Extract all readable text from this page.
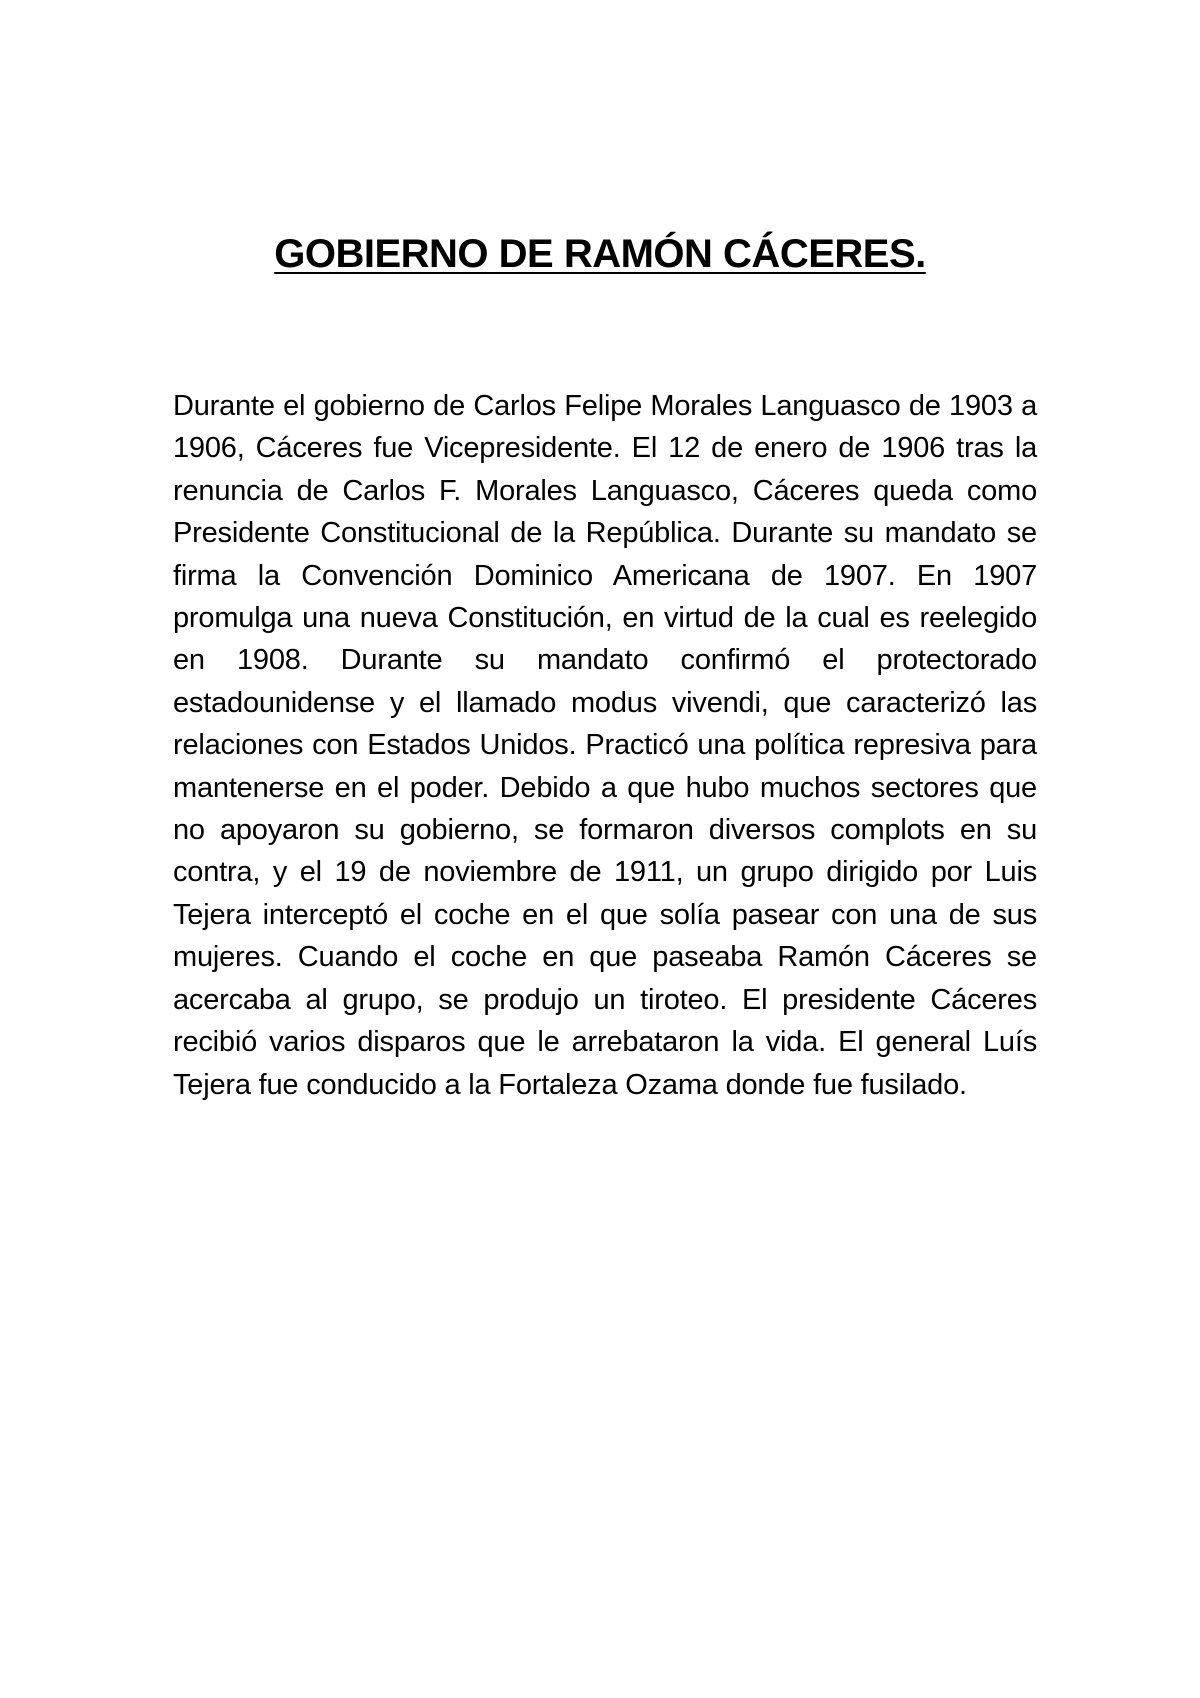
GOBIERNO DE RAMÓN CÁCERES.

Durante el gobierno de Carlos Felipe Morales Languasco de 1903 a 1906, Cáceres fue Vicepresidente. El 12 de enero de 1906 tras la renuncia de Carlos F. Morales Languasco, Cáceres queda como Presidente Constitucional de la República. Durante su mandato se firma la Convención Dominico Americana de 1907. En 1907 promulga una nueva Constitución, en virtud de la cual es reelegido en 1908. Durante su mandato confirmó el protectorado estadounidense y el llamado modus vivendi, que caracterizó las relaciones con Estados Unidos. Practicó una política represiva para mantenerse en el poder. Debido a que hubo muchos sectores que no apoyaron su gobierno, se formaron diversos complots en su contra, y el 19 de noviembre de 1911, un grupo dirigido por Luis Tejera interceptó el coche en el que solía pasear con una de sus mujeres. Cuando el coche en que paseaba Ramón Cáceres se acercaba al grupo, se produjo un tiroteo. El presidente Cáceres recibió varios disparos que le arrebataron la vida. El general Luís Tejera fue conducido a la Fortaleza Ozama donde fue fusilado.
